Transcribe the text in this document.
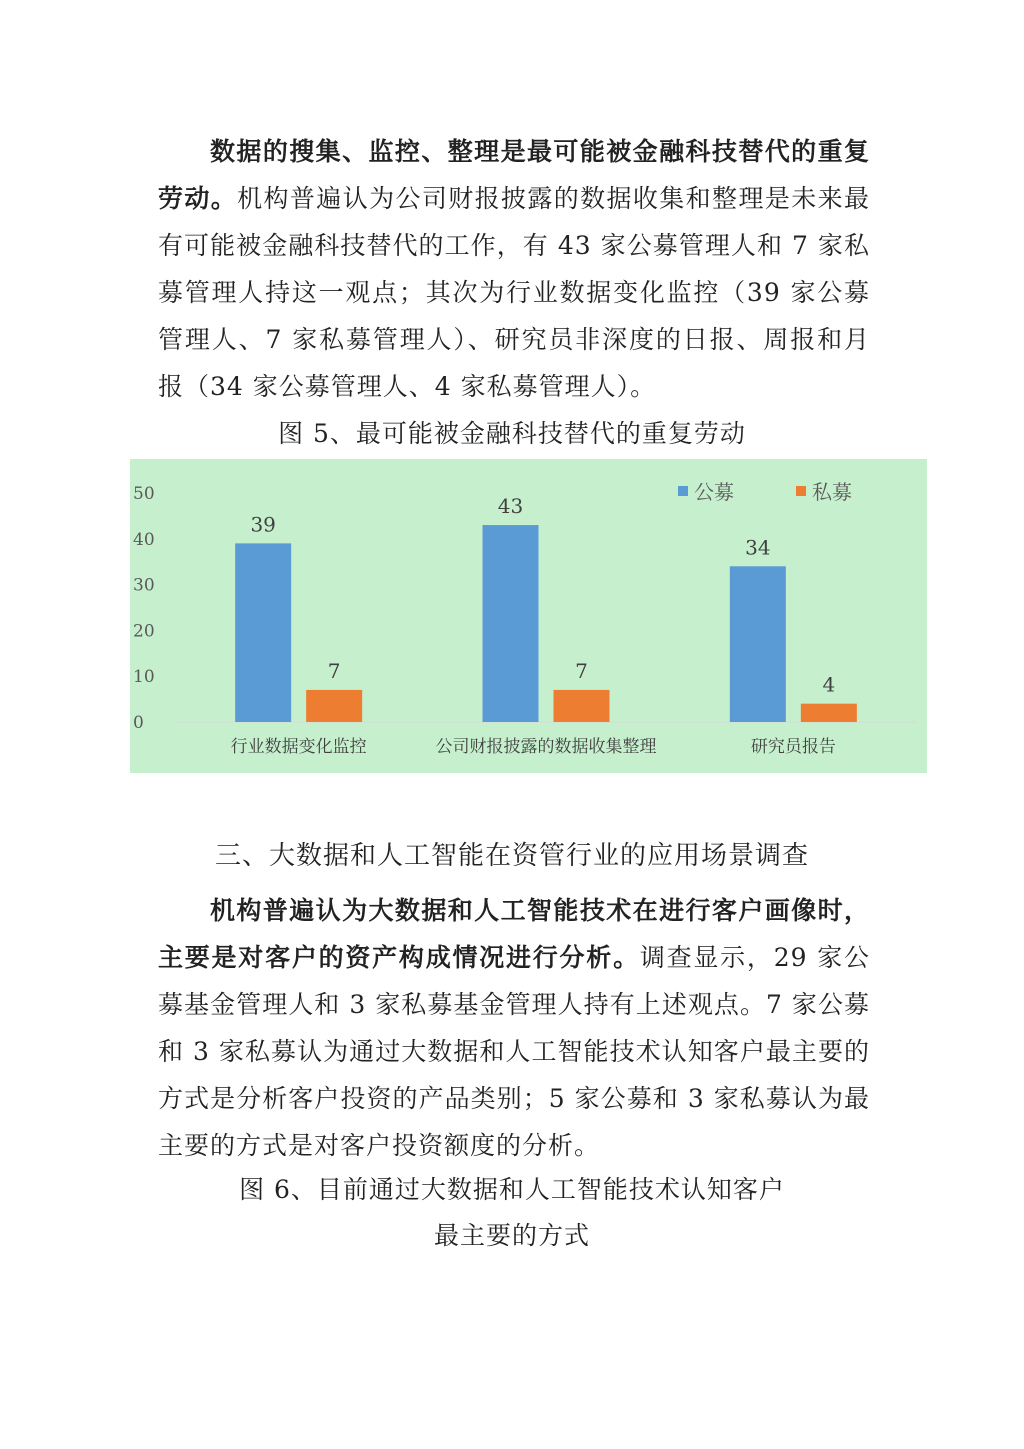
数据的搜集、监控、整理是最可能被金融科技替代的重复劳动。机构普遍认为公司财报披露的数据收集和整理是未来最有可能被金融科技替代的工作，有 43 家公募管理人和 7 家私募管理人持这一观点；其次为行业数据变化监控（39 家公募管理人、7 家私募管理人）、研究员非深度的日报、周报和月报（34 家公募管理人、4 家私募管理人）。

图 5、最可能被金融科技替代的重复劳动

0
10
20
30
40
50
39
7
行业数据变化监控
43
7
公司财报披露的数据收集整理
34
4
研究员报告
公募	私募

三、大数据和人工智能在资管行业的应用场景调查

机构普遍认为大数据和人工智能技术在进行客户画像时，主要是对客户的资产构成情况进行分析。调查显示，29 家公募基金管理人和 3 家私募基金管理人持有上述观点。7 家公募和 3 家私募认为通过大数据和人工智能技术认知客户最主要的方式是分析客户投资的产品类别；5 家公募和 3 家私募认为最主要的方式是对客户投资额度的分析。

图 6、目前通过大数据和人工智能技术认知客户

最主要的方式
